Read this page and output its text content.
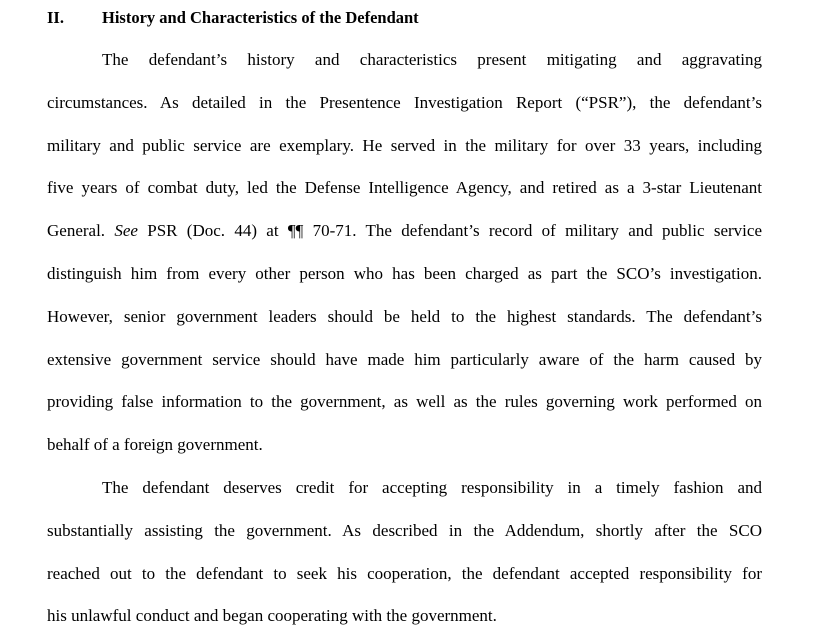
II. History and Characteristics of the Defendant
The defendant’s history and characteristics present mitigating and aggravating
circumstances. As detailed in the Presentence Investigation Report (“PSR”), the defendant’s
military and public service are exemplary. He served in the military for over 33 years, including
five years of combat duty, led the Defense Intelligence Agency, and retired as a 3-star Lieutenant
General. See PSR (Doc. 44) at ¶¶ 70-71. The defendant’s record of military and public service
distinguish him from every other person who has been charged as part the SCO’s investigation.
However, senior government leaders should be held to the highest standards. The defendant’s
extensive government service should have made him particularly aware of the harm caused by
providing false information to the government, as well as the rules governing work performed on
behalf of a foreign government.
The defendant deserves credit for accepting responsibility in a timely fashion and
substantially assisting the government. As described in the Addendum, shortly after the SCO
reached out to the defendant to seek his cooperation, the defendant accepted responsibility for
his unlawful conduct and began cooperating with the government.
